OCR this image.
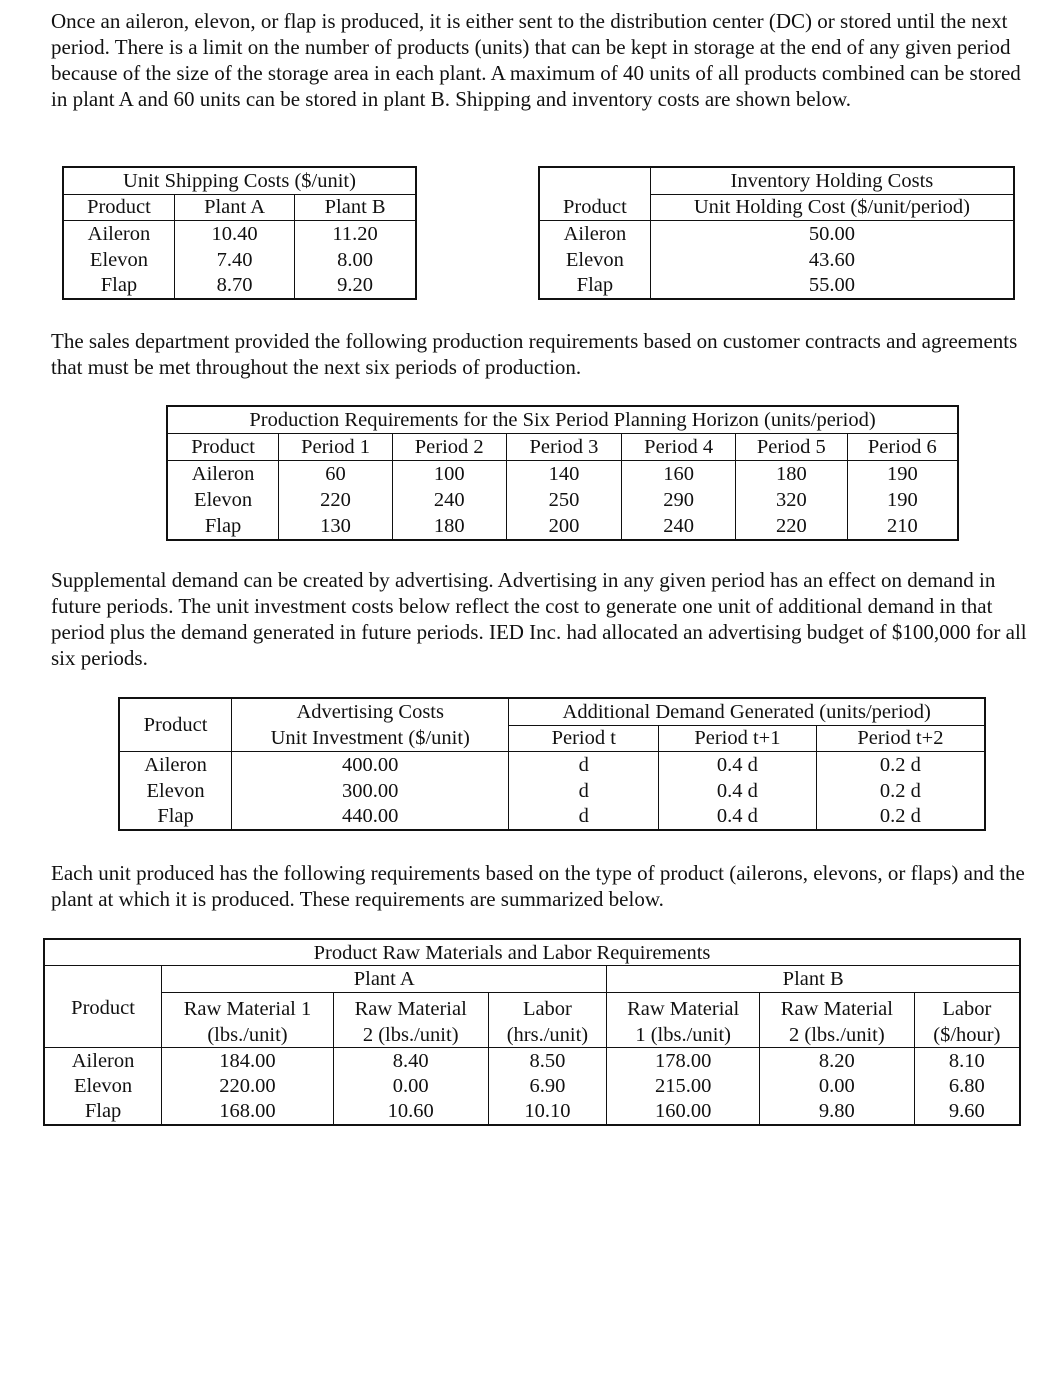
Once an aileron, elevon, or flap is produced, it is either sent to the distribution center (DC) or stored until the next period. There is a limit on the number of products (units) that can be kept in storage at the end of any given period because of the size of the storage area in each plant. A maximum of 40 units of all products combined can be stored in plant A and 60 units can be stored in plant B. Shipping and inventory costs are shown below.

Unit Shipping Costs ($/unit)		
Product	Plant A	Plant B
Aileron	10.40	11.20
Elevon	7.40	8.00
Flap	8.70	9.20
	Inventory Holding Costs
Product	Unit Holding Cost ($/unit/period)
Aileron	50.00
Elevon	43.60
Flap	55.00

The sales department provided the following production requirements based on customer contracts and agreements that must be met throughout the next six periods of production.

Production Requirements for the Six Period Planning Horizon (units/period)						
Product	Period 1	Period 2	Period 3	Period 4	Period 5	Period 6
Aileron	60	100	140	160	180	190
Elevon	220	240	250	290	320	190
Flap	130	180	200	240	220	210

Supplemental demand can be created by advertising. Advertising in any given period has an effect on demand in future periods. The unit investment costs below reflect the cost to generate one unit of additional demand in that period plus the demand generated in future periods. IED Inc. had allocated an advertising budget of $100,000 for all six periods.

Product	Advertising Costs	Additional Demand Generated (units/period)		
	Unit Investment ($/unit)	Period t	Period t+1	Period t+2
Aileron	400.00	d	0.4 d	0.2 d
Elevon	300.00	d	0.4 d	0.2 d
Flap	440.00	d	0.4 d	0.2 d

Each unit produced has the following requirements based on the type of product (ailerons, elevons, or flaps) and the plant at which it is produced. These requirements are summarized below.

Product Raw Materials and Labor Requirements						
Product	Plant A			Plant B		
	Raw Material 1	Raw Material	Labor	Raw Material	Raw Material	Labor
	(lbs./unit)	2 (lbs./unit)	(hrs./unit)	1 (lbs./unit)	2 (lbs./unit)	($/hour)
Aileron	184.00	8.40	8.50	178.00	8.20	8.10
Elevon	220.00	0.00	6.90	215.00	0.00	6.80
Flap	168.00	10.60	10.10	160.00	9.80	9.60
